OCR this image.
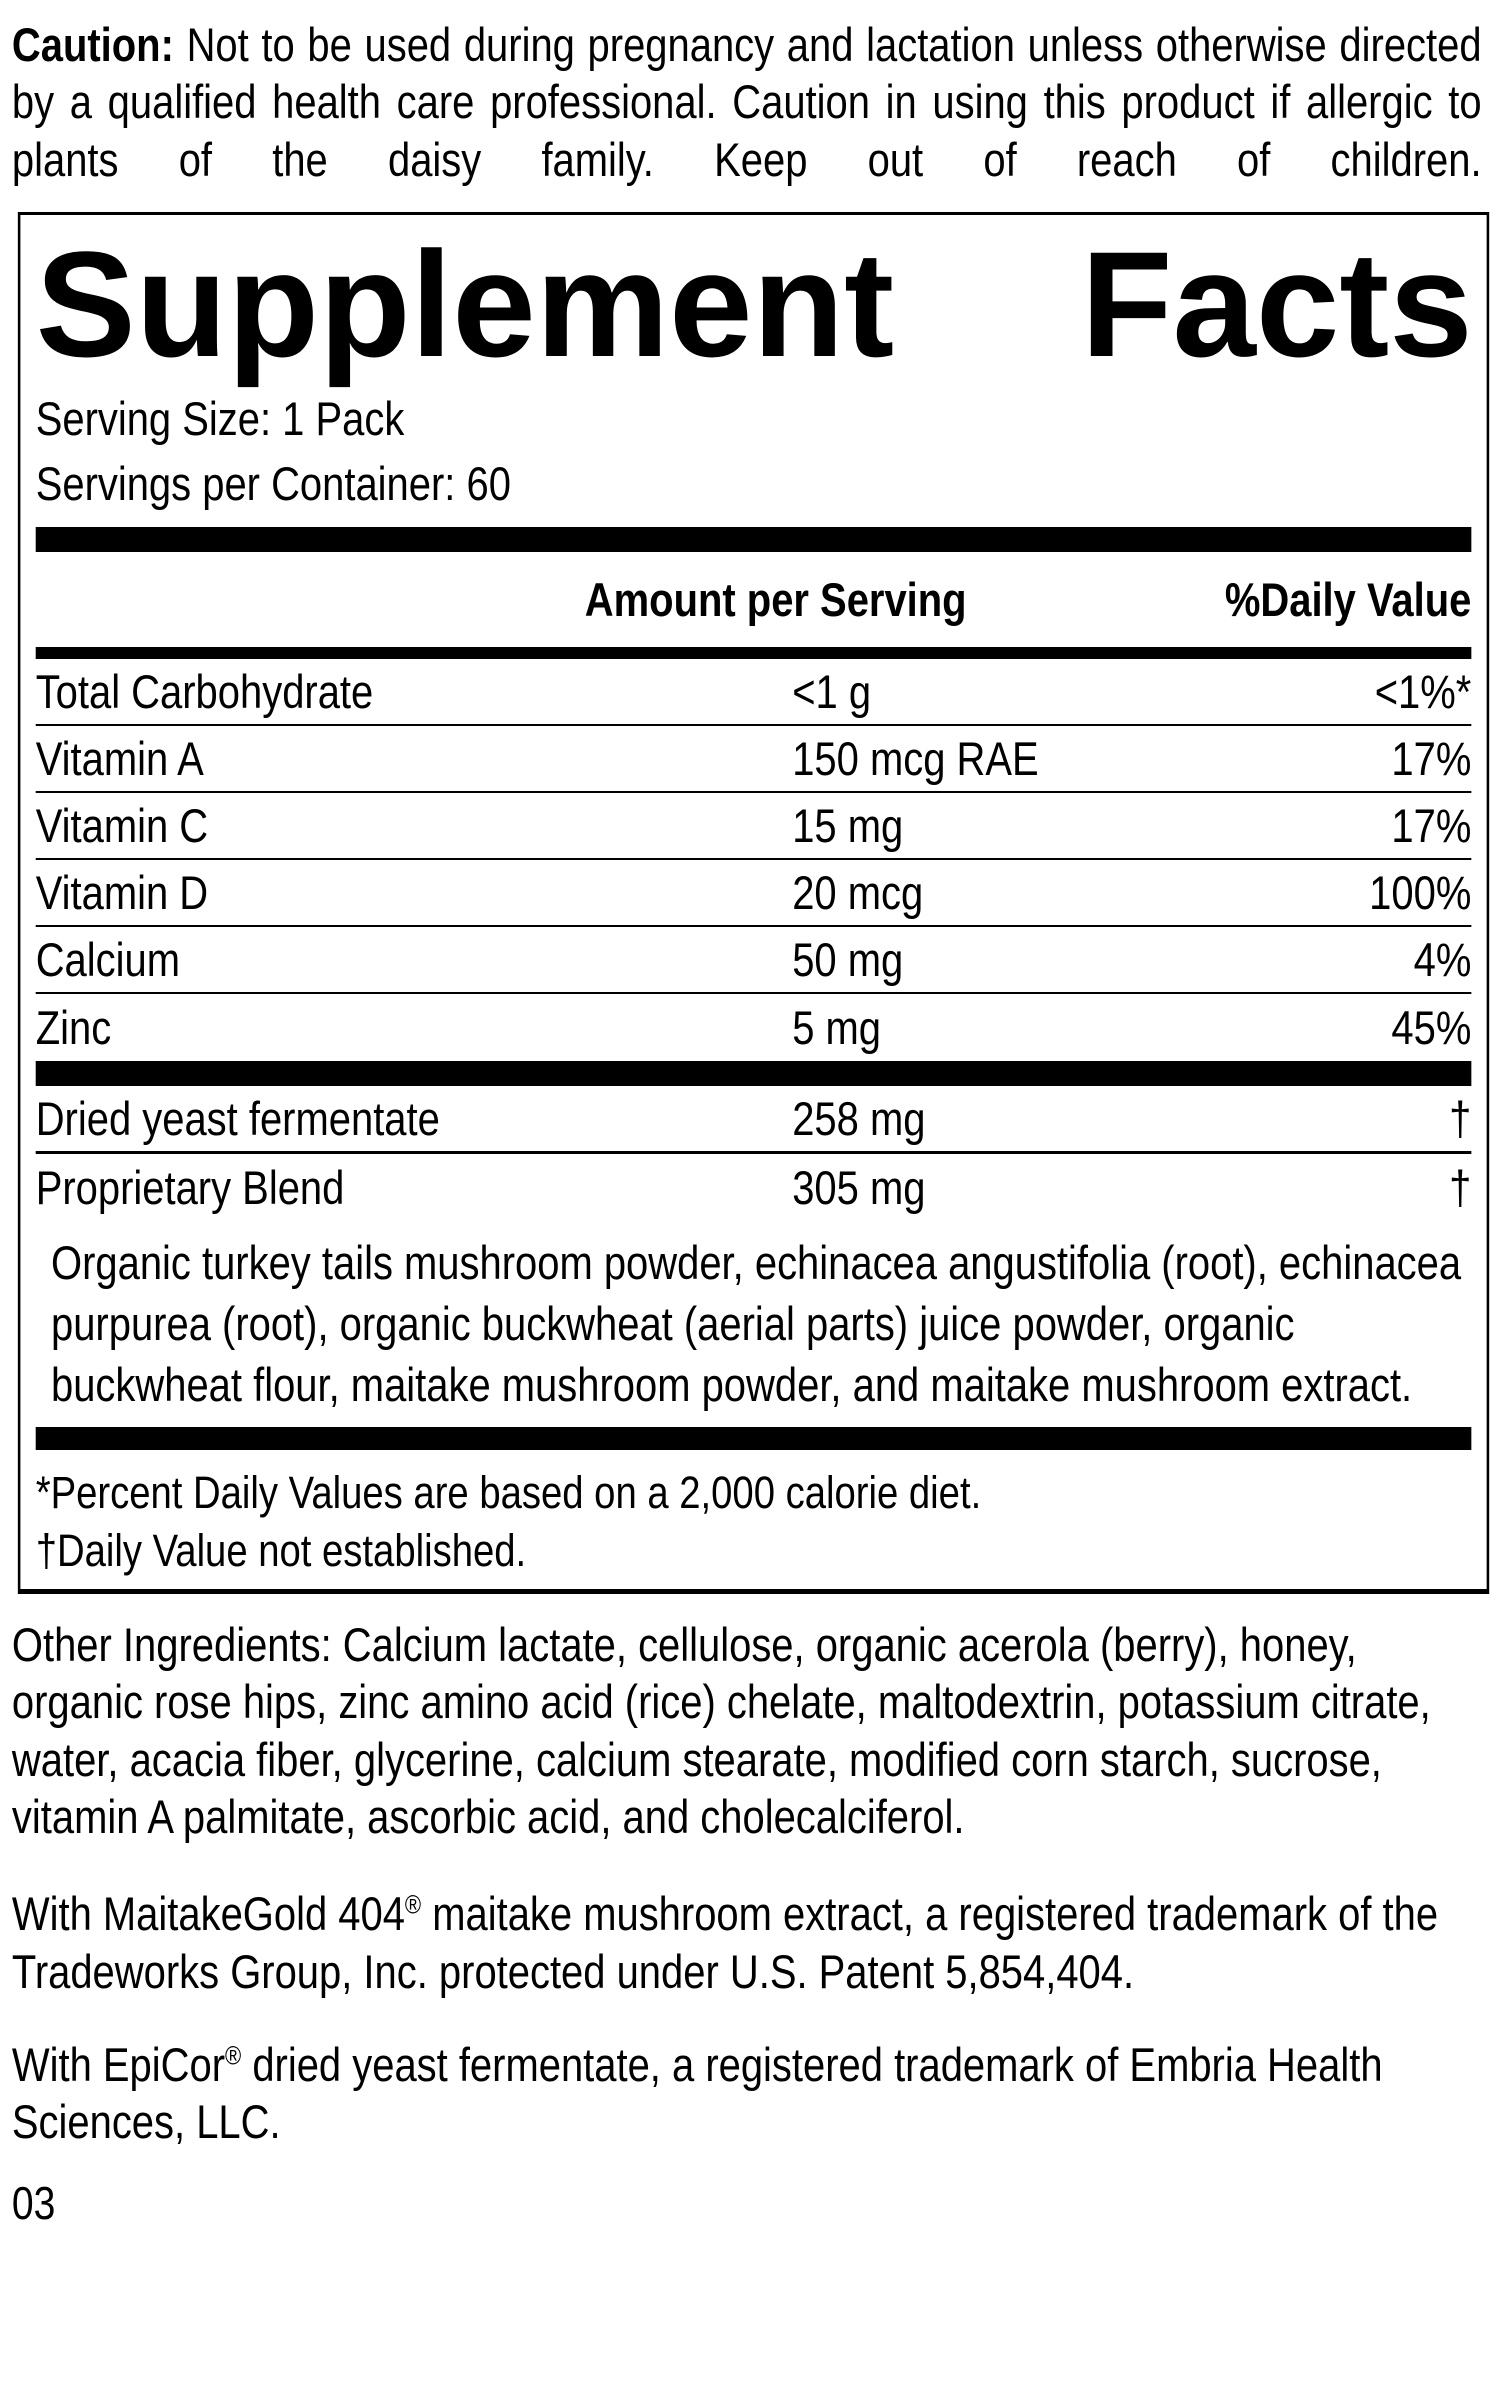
Caution: Not to be used during pregnancy and lactation unless otherwise directed by a qualified health care professional. Caution in using this product if allergic to plants of the daisy family. Keep out of reach of children.

Supplement Facts
Serving Size: 1 Pack
Servings per Container: 60
Amount per Serving	%Daily Value
Total Carbohydrate	<1 g	<1%*
Vitamin A	150 mcg RAE	17%
Vitamin C	15 mg	17%
Vitamin D	20 mcg	100%
Calcium	50 mg	4%
Zinc	5 mg	45%
Dried yeast fermentate	258 mg	†
Proprietary Blend	305 mg	†
Organic turkey tails mushroom powder, echinacea angustifolia (root), echinacea purpurea (root), organic buckwheat (aerial parts) juice powder, organic buckwheat flour, maitake mushroom powder, and maitake mushroom extract.

*Percent Daily Values are based on a 2,000 calorie diet.

†Daily Value not established.

Other Ingredients: Calcium lactate, cellulose, organic acerola (berry), honey, organic rose hips, zinc amino acid (rice) chelate, maltodextrin, potassium citrate, water, acacia fiber, glycerine, calcium stearate, modified corn starch, sucrose, vitamin A palmitate, ascorbic acid, and cholecalciferol.

With MaitakeGold 404® maitake mushroom extract, a registered trademark of the Tradeworks Group, Inc. protected under U.S. Patent 5,854,404.

With EpiCor® dried yeast fermentate, a registered trademark of Embria Health Sciences, LLC.

03
